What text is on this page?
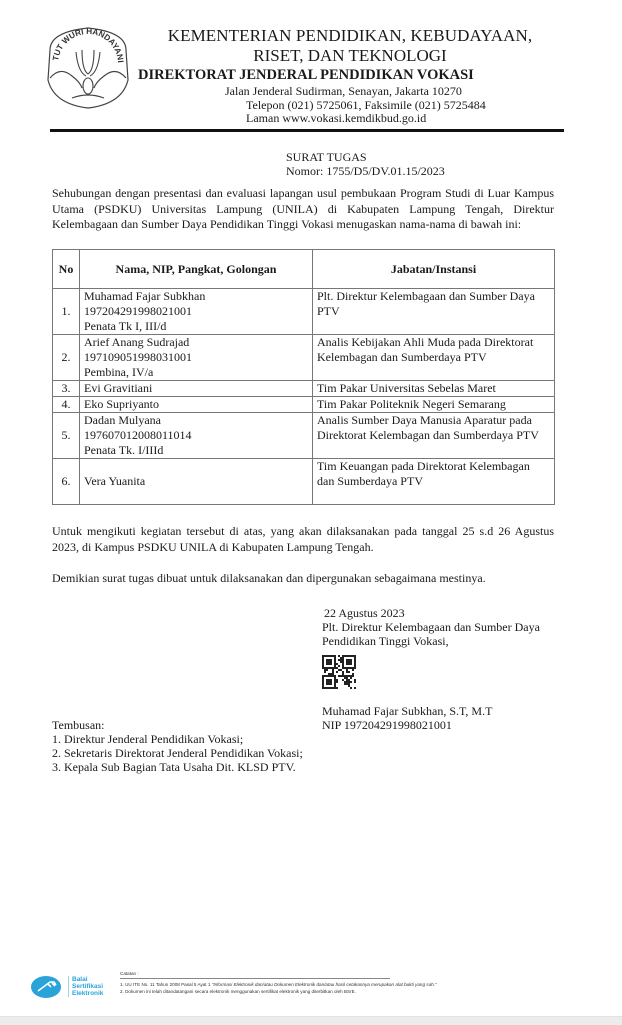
TUT WURI HANDAYANI
KEMENTERIAN PENDIDIKAN, KEBUDAYAAN,
RISET, DAN TEKNOLOGI
DIREKTORAT JENDERAL PENDIDIKAN VOKASI
Jalan Jenderal Sudirman, Senayan, Jakarta 10270
Telepon (021) 5725061, Faksimile (021) 5725484
Laman www.vokasi.kemdikbud.go.id
SURAT TUGAS
Nomor: 1755/D5/DV.01.15/2023
Sehubungan dengan presentasi dan evaluasi lapangan usul pembukaan Program Studi di Luar Kampus Utama (PSDKU) Universitas Lampung (UNILA) di Kabupaten Lampung Tengah, Direktur Kelembagaan dan Sumber Daya Pendidikan Tinggi Vokasi menugaskan nama-nama di bawah ini:
No	Nama, NIP, Pangkat, Golongan	Jabatan/Instansi
1.	Muhamad Fajar Subkhan
197204291998021001
Penata Tk I, III/d	Plt. Direktur Kelembagaan dan Sumber Daya PTV
2.	Arief Anang Sudrajad
197109051998031001
Pembina, IV/a	Analis Kebijakan Ahli Muda pada Direktorat Kelembagan dan Sumberdaya PTV
3.	Evi Gravitiani	Tim Pakar Universitas Sebelas Maret
4.	Eko Supriyanto	Tim Pakar Politeknik Negeri Semarang
5.	Dadan Mulyana
197607012008011014
Penata Tk. I/IIId	Analis Sumber Daya Manusia Aparatur pada Direktorat Kelembagan dan Sumberdaya PTV
6.	Vera Yuanita	Tim Keuangan pada Direktorat Kelembagan dan Sumberdaya PTV
Untuk mengikuti kegiatan tersebut di atas, yang akan dilaksanakan pada tanggal 25 s.d 26 Agustus 2023, di Kampus PSDKU UNILA di Kabupaten Lampung Tengah.
Demikian surat tugas dibuat untuk dilaksanakan dan dipergunakan sebagaimana mestinya.
22 Agustus 2023
Plt. Direktur Kelembagaan dan Sumber Daya
Pendidikan Tinggi Vokasi,
Muhamad Fajar Subkhan, S.T, M.T
NIP 197204291998021001
Tembusan:
1. Direktur Jenderal Pendidikan Vokasi;
2. Sekretaris Direktorat Jenderal Pendidikan Vokasi;
3. Kepala Sub Bagian Tata Usaha Dit. KLSD PTV.
Balai
Sertifikasi
Elektronik
Catatan :
1. UU ITE No. 11 Tahun 2008 Pasal 5 Ayat 1 "Informasi Elektronik dan/atau Dokumen Elektronik dan/atau hasil cetakannya merupakan alat bukti yang sah."
2. Dokumen ini telah ditandatangani secara elektronik menggunakan sertifikat elektronik yang diterbitkan oleh BSrE.
